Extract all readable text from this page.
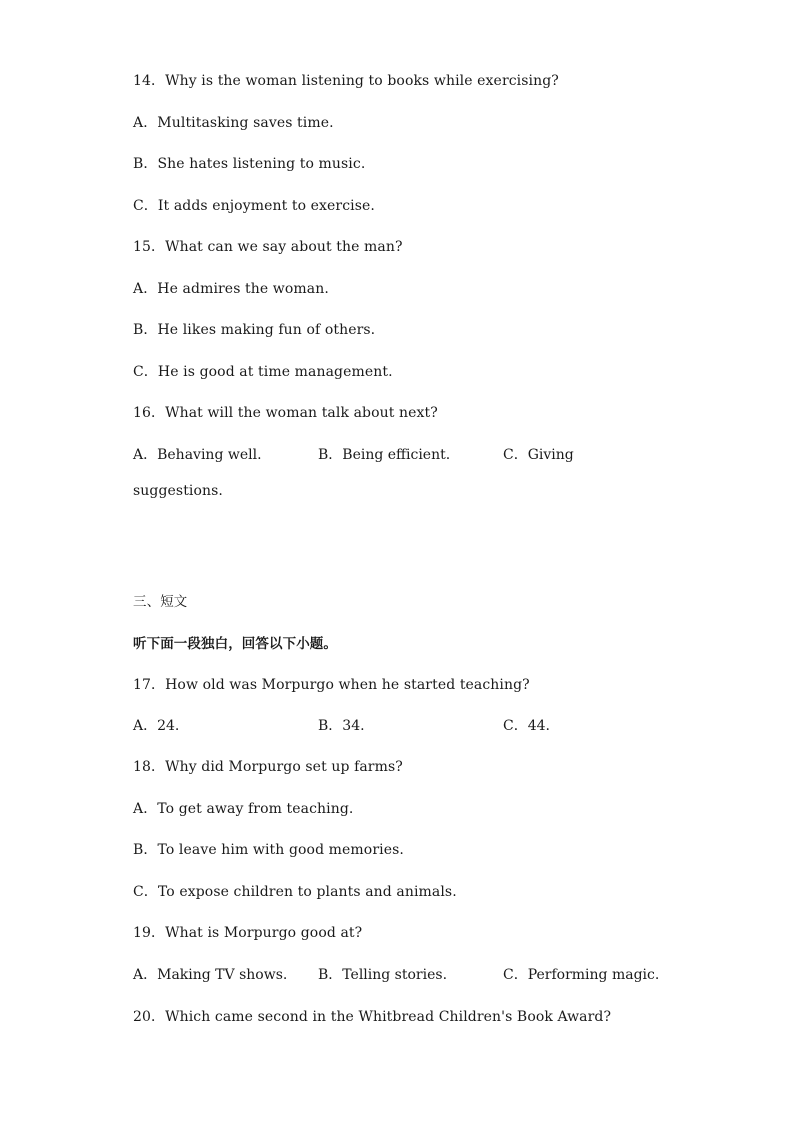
14．Why is the woman listening to books while exercising?
A．Multitasking saves time.
B．She hates listening to music.
C．It adds enjoyment to exercise.
15．What can we say about the man?
A．He admires the woman.
B．He likes making fun of others.
C．He is good at time management.
16．What will the woman talk about next?
A．Behaving well.	B．Being efficient.	C．Giving
suggestions.
三、短文
听下面一段独白，回答以下小题。
17．How old was Morpurgo when he started teaching?
A．24.	B．34.	C．44.
18．Why did Morpurgo set up farms?
A．To get away from teaching.
B．To leave him with good memories.
C．To expose children to plants and animals.
19．What is Morpurgo good at?
A．Making TV shows. B．Telling stories.	C．Performing magic.
20．Which came second in the Whitbread Children's Book Award?
